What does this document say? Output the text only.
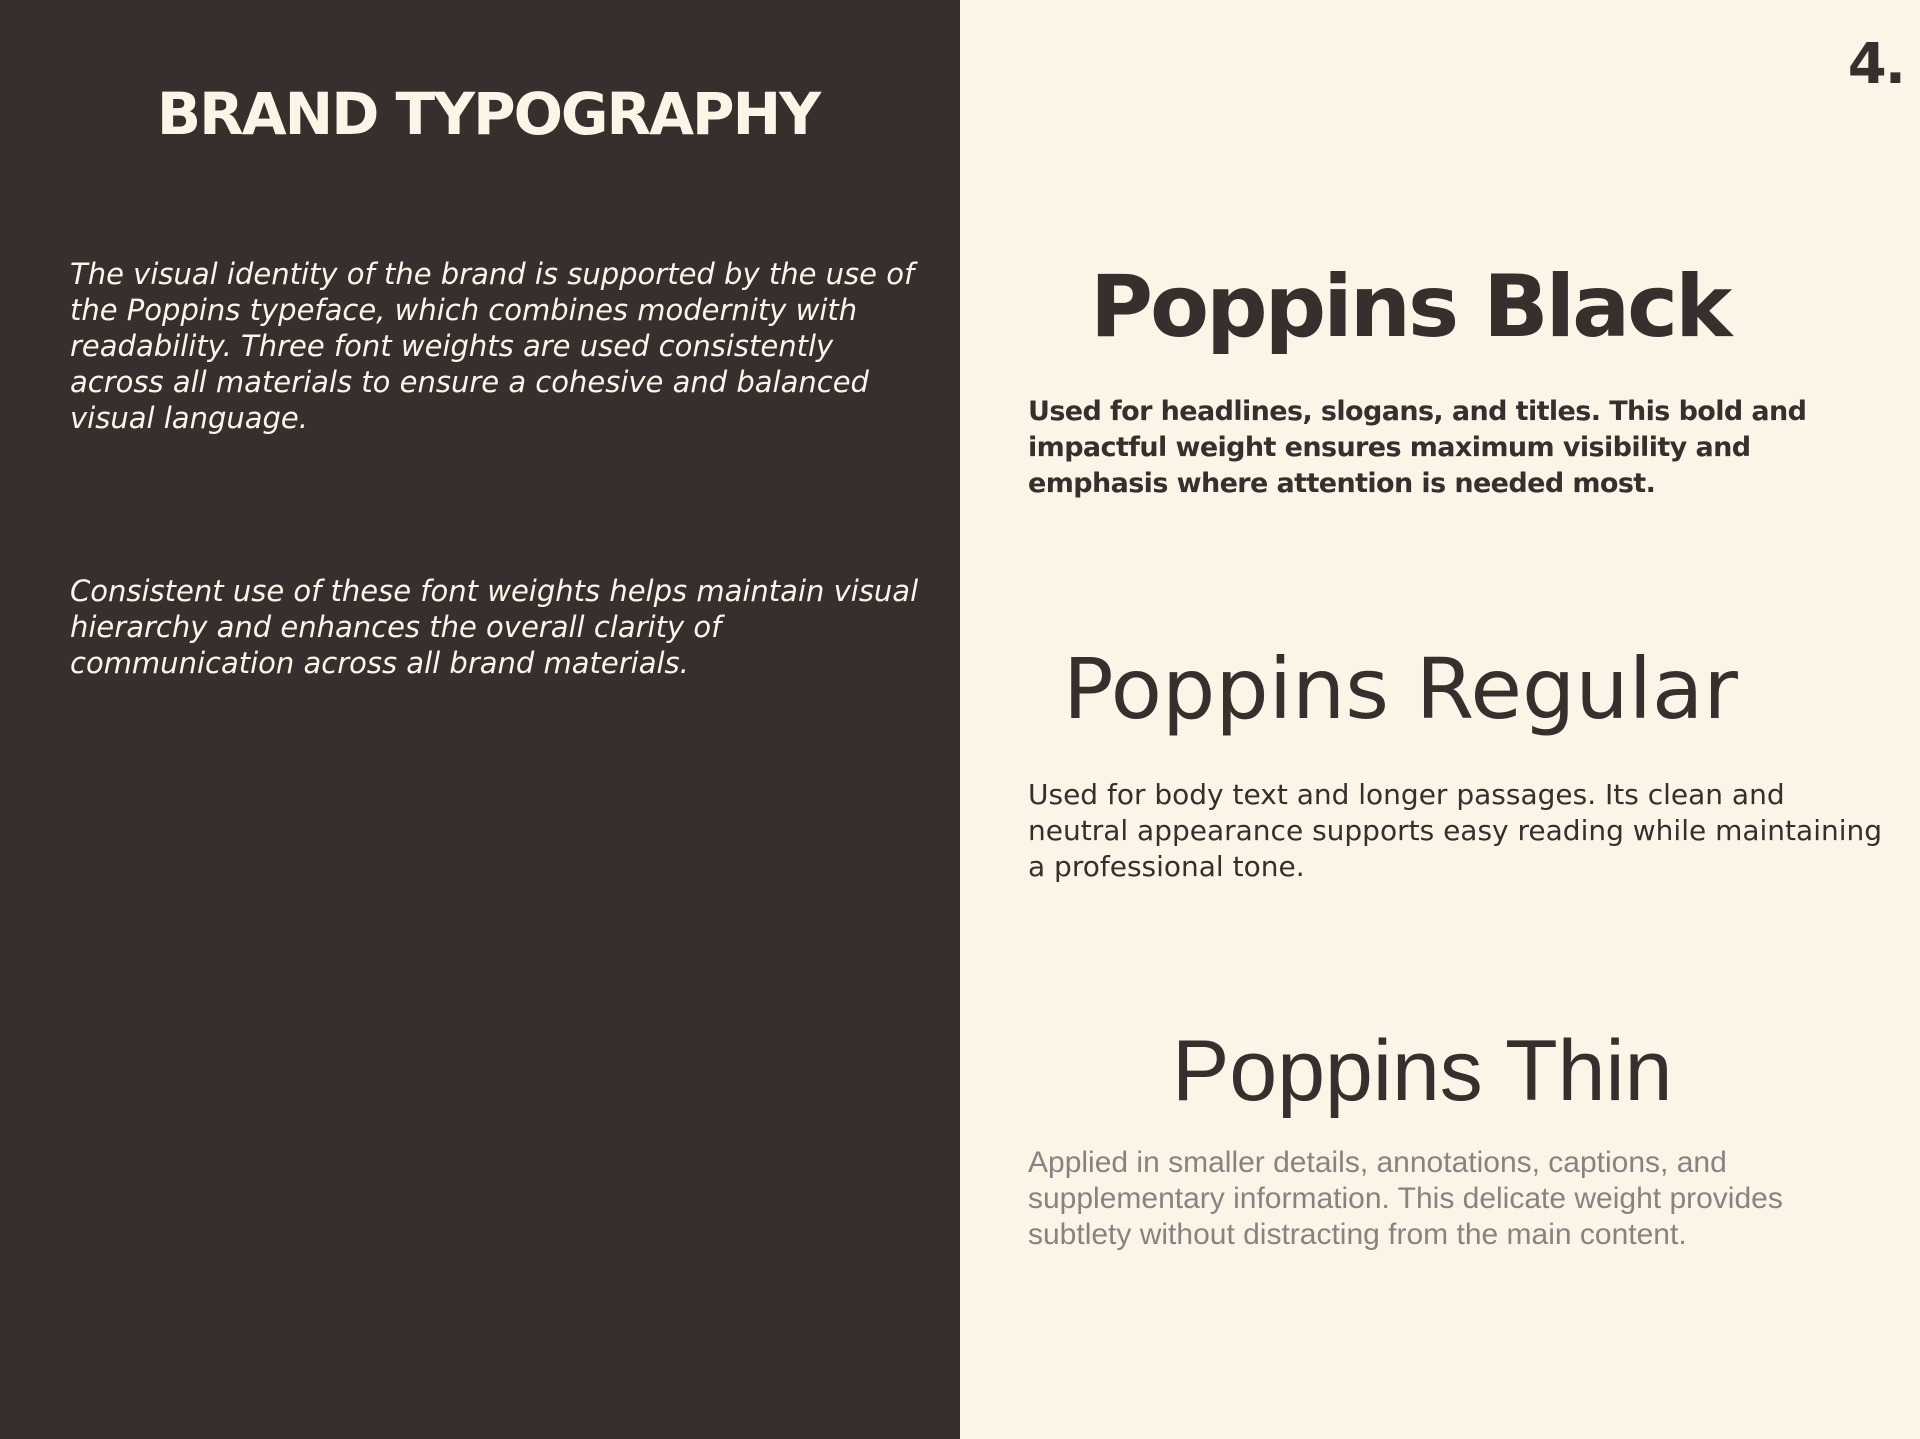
BRAND TYPOGRAPHY

The visual identity of the brand is supported by the use of the Poppins typeface, which combines modernity with readability. Three font weights are used consistently across all materials to ensure a cohesive and balanced visual language.

Consistent use of these font weights helps maintain visual hierarchy and enhances the overall clarity of communication across all brand materials.

4.
Poppins Black

Used for headlines, slogans, and titles. This bold and impactful weight ensures maximum visibility and emphasis where attention is needed most.

Poppins Regular

Used for body text and longer passages. Its clean and neutral appearance supports easy reading while maintaining a professional tone.

Poppins Thin

Applied in smaller details, annotations, captions, and supplementary information. This delicate weight provides subtlety without distracting from the main content.
